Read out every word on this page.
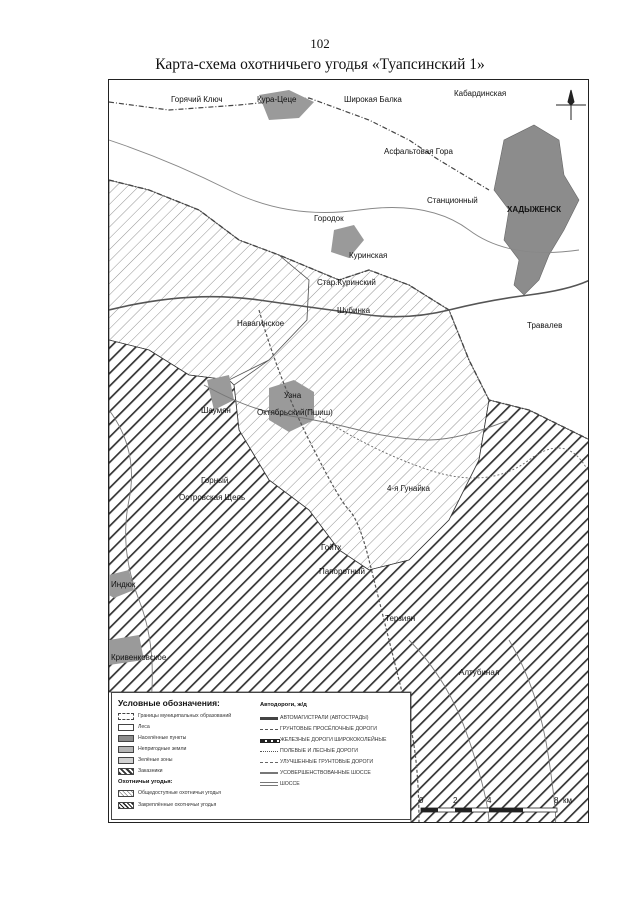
102
Карта-схема охотничьего угодья «Туапсинский 1»
Горячий Ключ	Кура-Цеце	Широкая Балка
Кабардинская
Асфальтовая Гора
Станционный
ХАДЫЖЕНСК
Городок
Куринская
Стар.Куринский
Шубинка
Навагинское	Травалев
Узна
Шаумян	Октябрьский(Пшиш)
4-я Гунайка
Горный
Островская Щель
Гойтх
Папоротный
Индюк
Терзиян
Кривенковское
Алтубинал
Условные обозначения:
Границы муниципальных образований
Леса
Населённые пункты
Непригодные земли
Зелёные зоны
Заказники
Охотничьи угодья:
Общедоступные охотничьи угодья
Закреплённые охотничьи угодья
Автодороги, ж/д
АВТОМАГИСТРАЛИ (АВТОСТРАДЫ)
ГРУНТОВЫЕ ПРОСЁЛОЧНЫЕ ДОРОГИ
ЖЕЛЕЗНЫЕ ДОРОГИ ШИРОКОКОЛЕЙНЫЕ
ПОЛЕВЫЕ И ЛЕСНЫЕ ДОРОГИ
УЛУЧШЕННЫЕ ГРУНТОВЫЕ ДОРОГИ
УСОВЕРШЕНСТВОВАННЫЕ ШОССЕ
ШОССЕ
0	2	4	8 км
